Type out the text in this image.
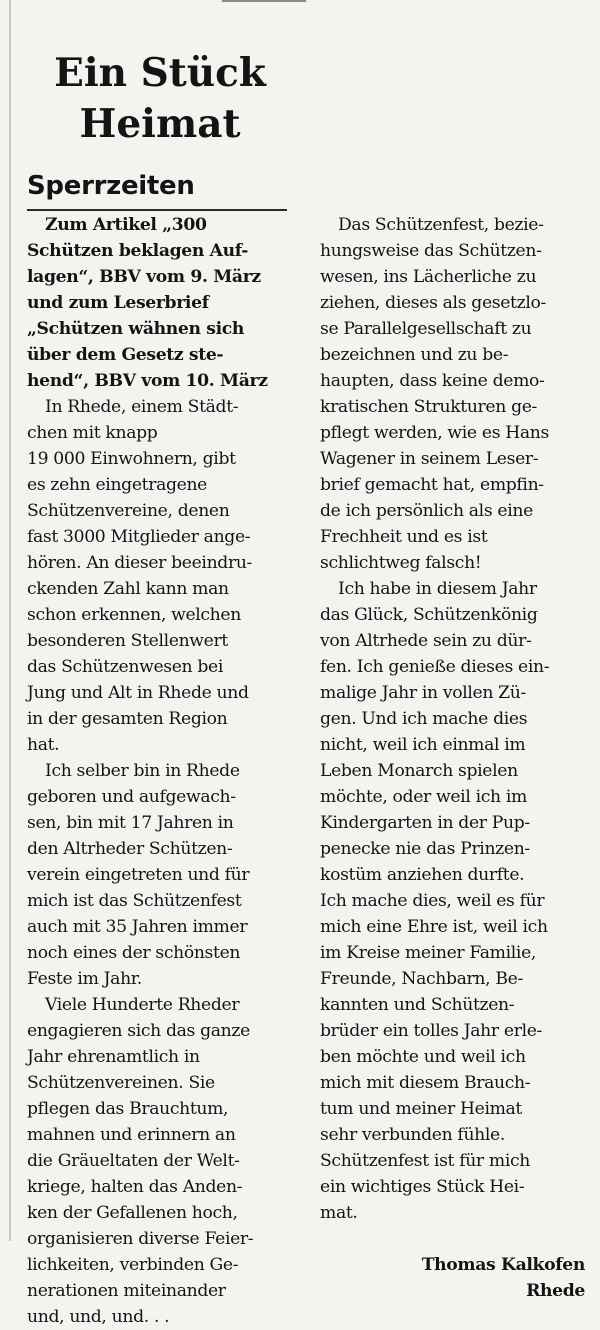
Ein Stück
Heimat
Sperrzeiten
Zum Artikel „300
Schützen beklagen Auf-
lagen“, BBV vom 9. März
und zum Leserbrief
„Schützen wähnen sich
über dem Gesetz ste-
hend“, BBV vom 10. März
In Rhede, einem Städt-
chen mit knapp
19 000 Einwohnern, gibt
es zehn eingetragene
Schützenvereine, denen
fast 3000 Mitglieder ange-
hören. An dieser beeindru-
ckenden Zahl kann man
schon erkennen, welchen
besonderen Stellenwert
das Schützenwesen bei
Jung und Alt in Rhede und
in der gesamten Region
hat.
Ich selber bin in Rhede
geboren und aufgewach-
sen, bin mit 17 Jahren in
den Altrheder Schützen-
verein eingetreten und für
mich ist das Schützenfest
auch mit 35 Jahren immer
noch eines der schönsten
Feste im Jahr.
Viele Hunderte Rheder
engagieren sich das ganze
Jahr ehrenamtlich in
Schützenvereinen. Sie
pflegen das Brauchtum,
mahnen und erinnern an
die Gräueltaten der Welt-
kriege, halten das Anden-
ken der Gefallenen hoch,
organisieren diverse Feier-
lichkeiten, verbinden Ge-
nerationen miteinander
und, und, und. . .
Das Schützenfest, bezie-
hungsweise das Schützen-
wesen, ins Lächerliche zu
ziehen, dieses als gesetzlo-
se Parallelgesellschaft zu
bezeichnen und zu be-
haupten, dass keine demo-
kratischen Strukturen ge-
pflegt werden, wie es Hans
Wagener in seinem Leser-
brief gemacht hat, empfin-
de ich persönlich als eine
Frechheit und es ist
schlichtweg falsch!
Ich habe in diesem Jahr
das Glück, Schützenkönig
von Altrhede sein zu dür-
fen. Ich genieße dieses ein-
malige Jahr in vollen Zü-
gen. Und ich mache dies
nicht, weil ich einmal im
Leben Monarch spielen
möchte, oder weil ich im
Kindergarten in der Pup-
penecke nie das Prinzen-
kostüm anziehen durfte.
Ich mache dies, weil es für
mich eine Ehre ist, weil ich
im Kreise meiner Familie,
Freunde, Nachbarn, Be-
kannten und Schützen-
brüder ein tolles Jahr erle-
ben möchte und weil ich
mich mit diesem Brauch-
tum und meiner Heimat
sehr verbunden fühle.
Schützenfest ist für mich
ein wichtiges Stück Hei-
mat.
Thomas Kalkofen
Rhede
